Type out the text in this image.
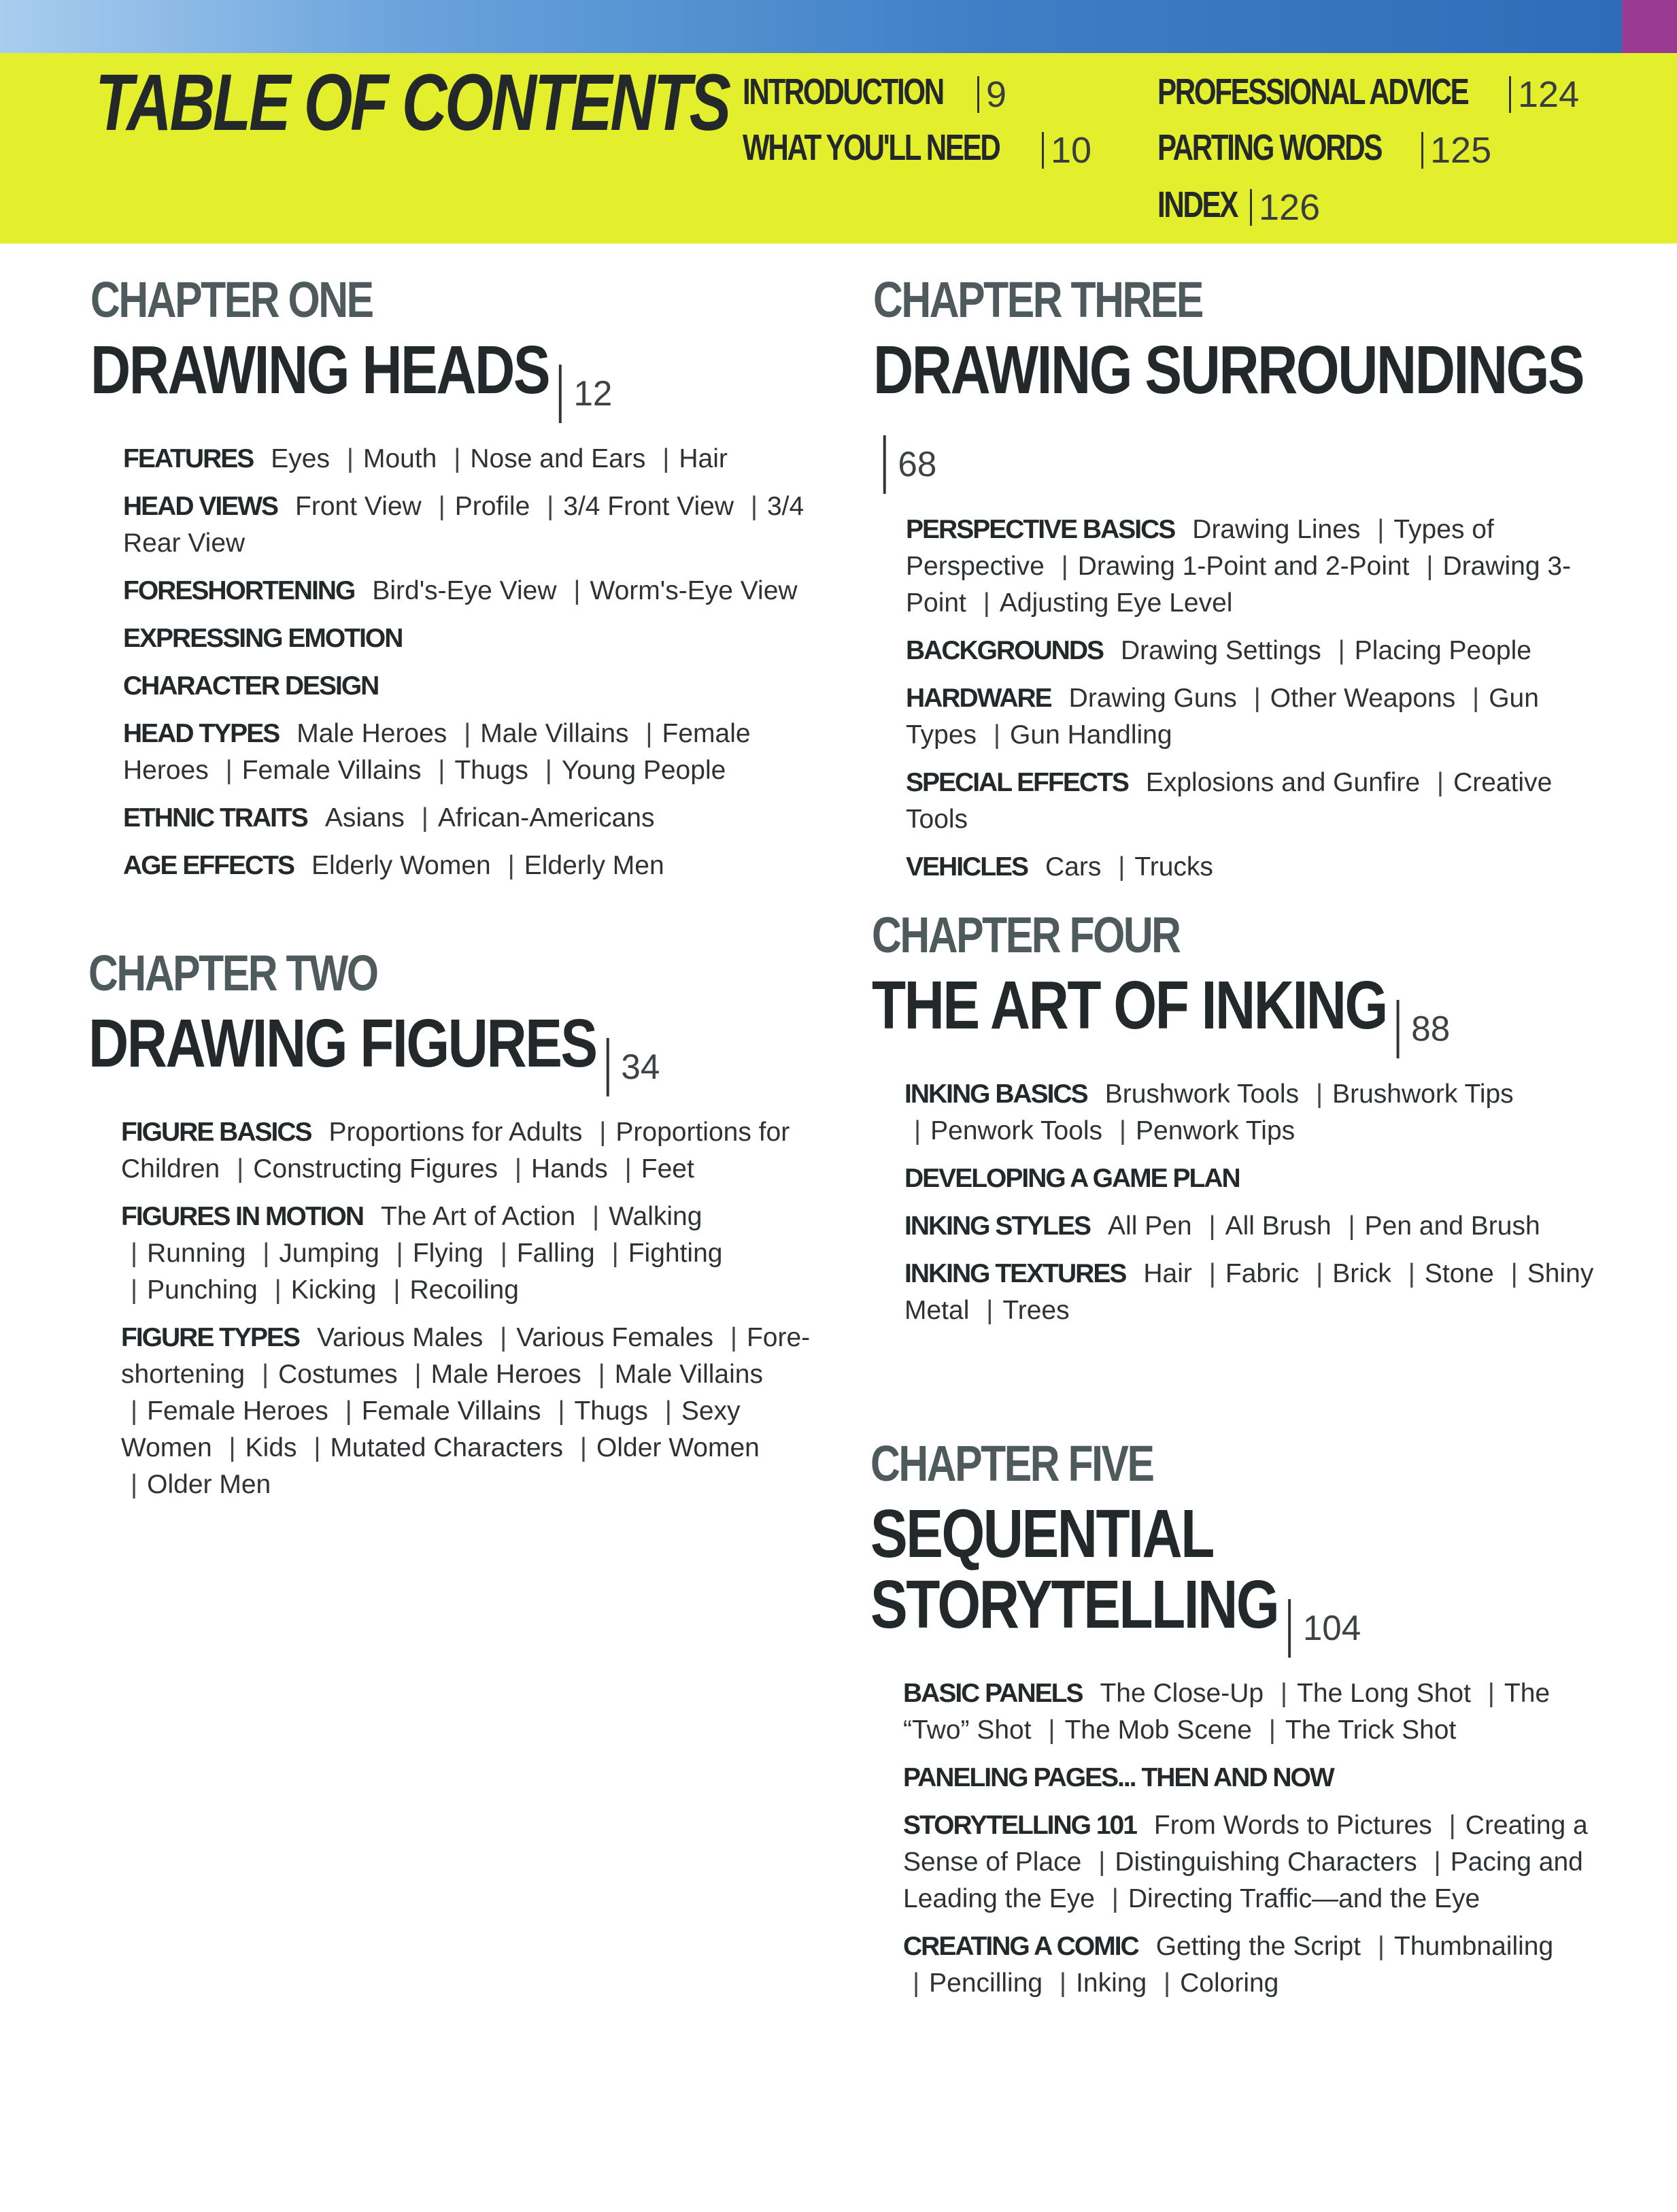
TABLE OF CONTENTS INTRODUCTION 9
WHAT YOU'LL NEED 10
PROFESSIONAL ADVICE 124
PARTING WORDS 125
INDEX 126
CHAPTER ONE
DRAWING HEADS 12
FEATURES Eyes | Mouth | Nose and Ears | Hair
HEAD VIEWS Front View | Profile | 3/4 Front View | 3/4 Rear View
FORESHORTENING Bird's-Eye View | Worm's-Eye View
EXPRESSING EMOTION
CHARACTER DESIGN
HEAD TYPES Male Heroes | Male Villains | Female Heroes | Female Villains | Thugs | Young People
ETHNIC TRAITS Asians | African-Americans
AGE EFFECTS Elderly Women | Elderly Men
CHAPTER TWO
DRAWING FIGURES 34
FIGURE BASICS Proportions for Adults | Proportions for Children | Constructing Figures | Hands | Feet
FIGURES IN MOTION The Art of Action | Walking | Running | Jumping | Flying | Falling | Fighting | Punching | Kicking | Recoiling
FIGURE TYPES Various Males | Various Females | Fore-shortening | Costumes | Male Heroes | Male Villains | Female Heroes | Female Villains | Thugs | Sexy Women | Kids | Mutated Characters | Older Women | Older Men
CHAPTER THREE
DRAWING SURROUNDINGS68
PERSPECTIVE BASICS Drawing Lines | Types of Perspective | Drawing 1-Point and 2-Point | Drawing 3-Point | Adjusting Eye Level
BACKGROUNDS Drawing Settings | Placing People
HARDWARE Drawing Guns | Other Weapons | Gun Types | Gun Handling
SPECIAL EFFECTS Explosions and Gunfire | Creative Tools
VEHICLES Cars | Trucks
CHAPTER FOUR
THE ART OF INKING 88
INKING BASICS Brushwork Tools | Brushwork Tips | Penwork Tools | Penwork Tips
DEVELOPING A GAME PLAN
INKING STYLES All Pen | All Brush | Pen and Brush
INKING TEXTURES Hair | Fabric | Brick | Stone | Shiny Metal | Trees
CHAPTER FIVE
SEQUENTIAL STORYTELLING 104
BASIC PANELS The Close-Up | The Long Shot | The “Two” Shot | The Mob Scene | The Trick Shot
PANELING PAGES... THEN AND NOW
STORYTELLING 101 From Words to Pictures | Creating a Sense of Place | Distinguishing Characters | Pacing and Leading the Eye | Directing Traffic—and the Eye
CREATING A COMIC Getting the Script | Thumbnailing | Pencilling | Inking | Coloring
